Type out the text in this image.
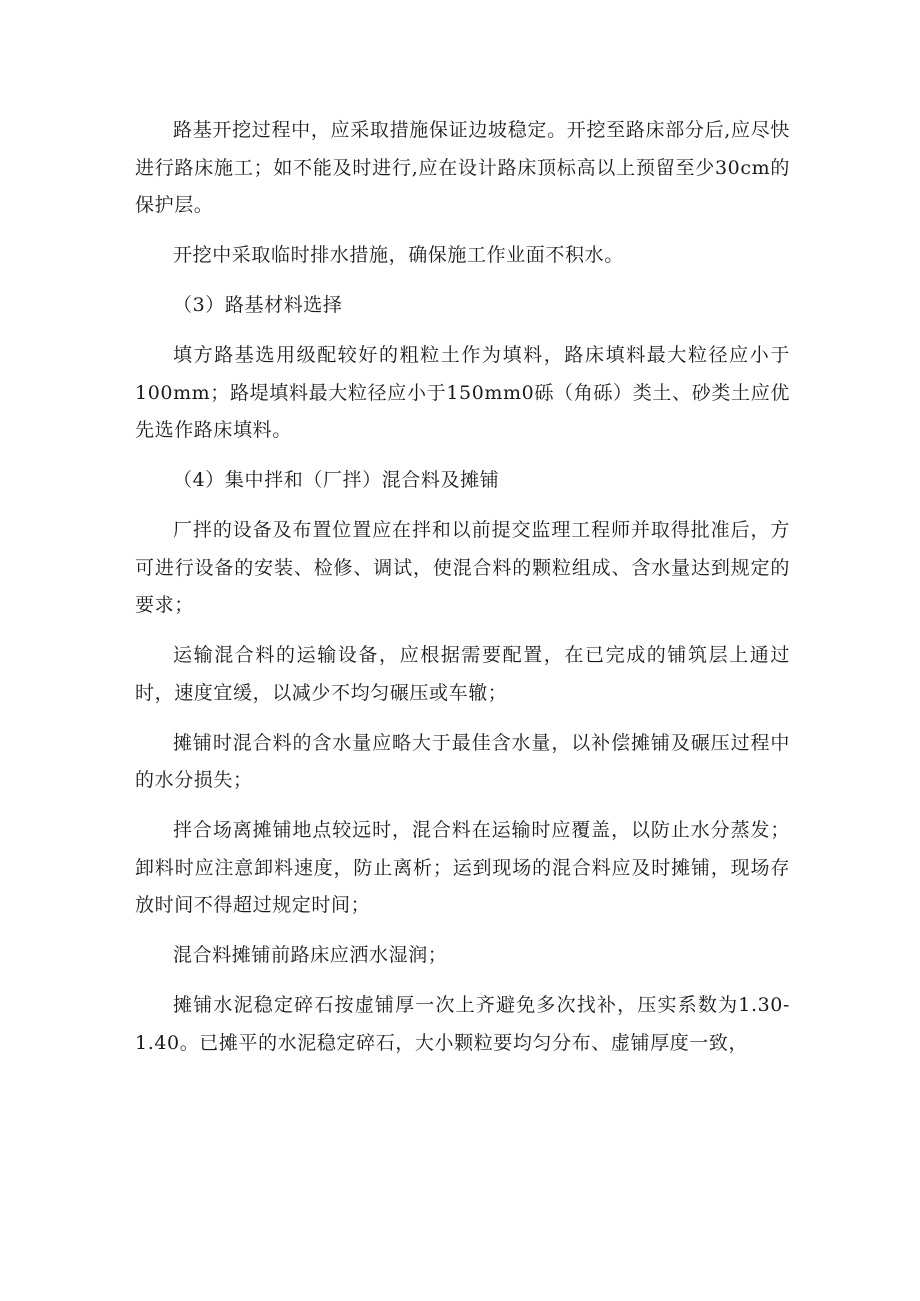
路基开挖过程中，应采取措施保证边坡稳定。开挖至路床部分后,应尽快进行路床施工；如不能及时进行,应在设计路床顶标高以上预留至少30cm的保护层。

开挖中采取临时排水措施，确保施工作业面不积水。

（3）路基材料选择

填方路基选用级配较好的粗粒土作为填料，路床填料最大粒径应小于100mm；路堤填料最大粒径应小于150mm0砾（角砾）类土、砂类土应优先选作路床填料。

（4）集中拌和（厂拌）混合料及摊铺

厂拌的设备及布置位置应在拌和以前提交监理工程师并取得批准后，方可进行设备的安装、检修、调试，使混合料的颗粒组成、含水量达到规定的要求；

运输混合料的运输设备，应根据需要配置，在已完成的铺筑层上通过时，速度宜缓，以减少不均匀碾压或车辙；

摊铺时混合料的含水量应略大于最佳含水量，以补偿摊铺及碾压过程中的水分损失；

拌合场离摊铺地点较远时，混合料在运输时应覆盖，以防止水分蒸发；卸料时应注意卸料速度，防止离析；运到现场的混合料应及时摊铺，现场存放时间不得超过规定时间；

混合料摊铺前路床应洒水湿润；

摊铺水泥稳定碎石按虚铺厚一次上齐避免多次找补，压实系数为1.30-1.40。已摊平的水泥稳定碎石，大小颗粒要均匀分布、虚铺厚度一致，
